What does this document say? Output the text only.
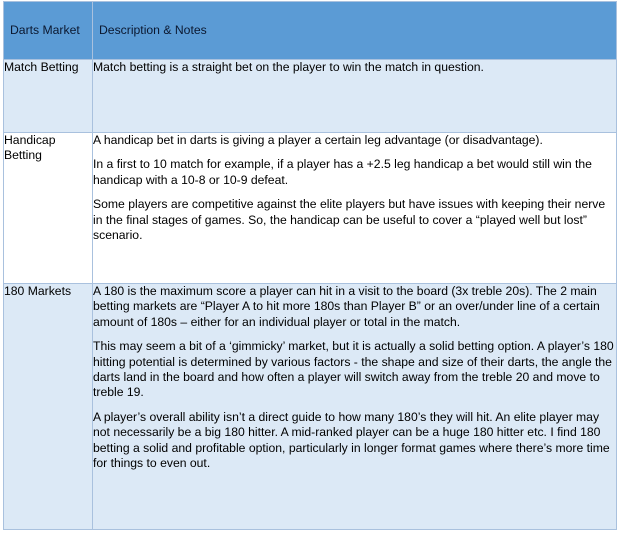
Darts Market	Description & Notes
Match Betting	Match betting is a straight bet on the player to win the match in question.

Handicap Betting	A handicap bet in darts is giving a player a certain leg advantage (or disadvantage).

In a first to 10 match for example, if a player has a +2.5 leg handicap a bet would still win the handicap with a 10-8 or 10-9 defeat.

Some players are competitive against the elite players but have issues with keeping their nerve in the final stages of games. So, the handicap can be useful to cover a “played well but lost” scenario.

180 Markets	A 180 is the maximum score a player can hit in a visit to the board (3x treble 20s). The 2 main betting markets are “Player A to hit more 180s than Player B” or an over/under line of a certain amount of 180s – either for an individual player or total in the match.

This may seem a bit of a ‘gimmicky’ market, but it is actually a solid betting option. A player’s 180 hitting potential is determined by various factors - the shape and size of their darts, the angle the darts land in the board and how often a player will switch away from the treble 20 and move to treble 19.

A player’s overall ability isn’t a direct guide to how many 180’s they will hit. An elite player may not necessarily be a big 180 hitter. A mid-ranked player can be a huge 180 hitter etc. I find 180 betting a solid and profitable option, particularly in longer format games where there’s more time for things to even out.
